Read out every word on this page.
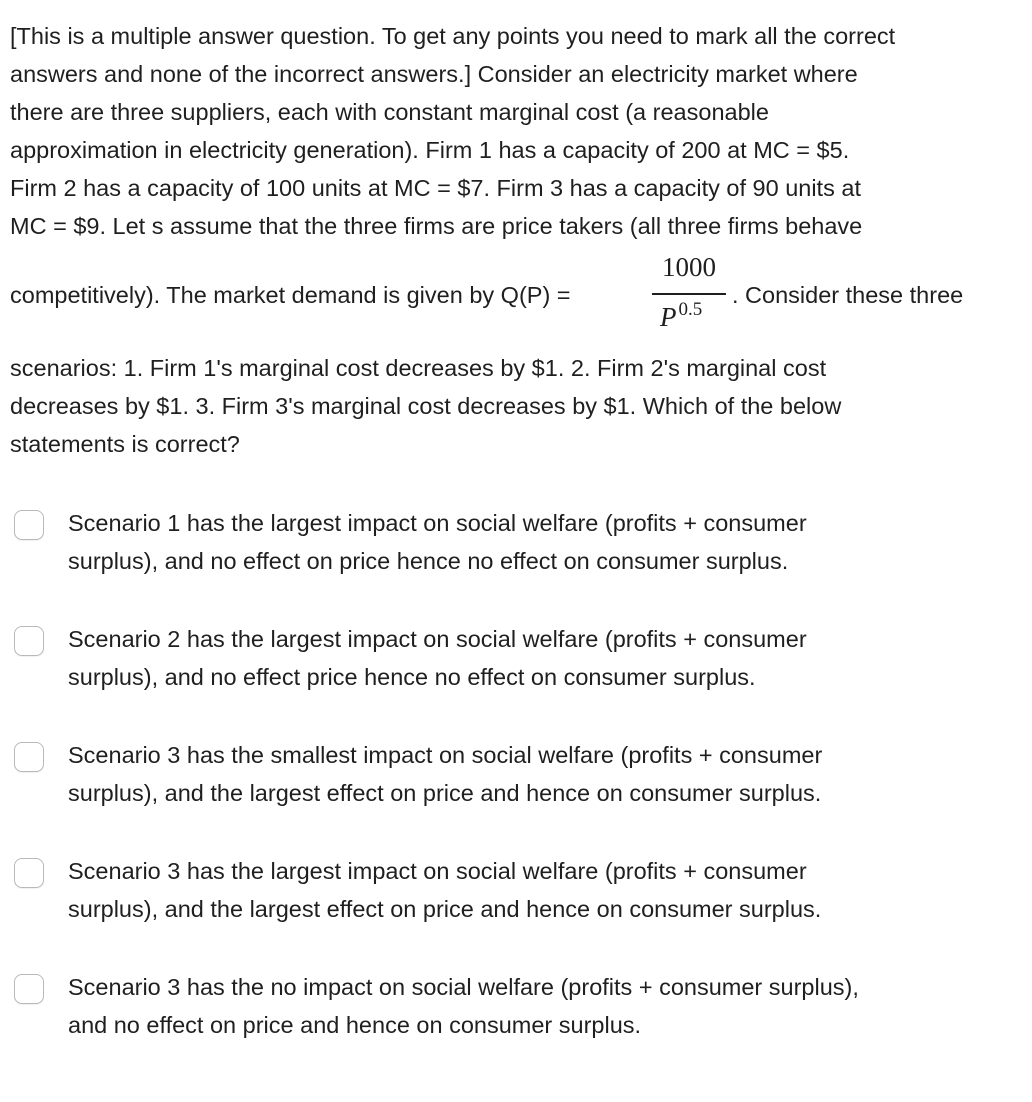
[This is a multiple answer question. To get any points you need to mark all the correct
answers and none of the incorrect answers.] Consider an electricity market where
there are three suppliers, each with constant marginal cost (a reasonable
approximation in electricity generation). Firm 1 has a capacity of 200 at MC = $5.
Firm 2 has a capacity of 100 units at MC = $7. Firm 3 has a capacity of 90 units at
MC = $9. Let s assume that the three firms are price takers (all three firms behave
competitively). The market demand is given by Q(P) =
1000
P $^{0.5}$
. Consider these three
scenarios: 1. Firm 1's marginal cost decreases by $1. 2. Firm 2's marginal cost
decreases by $1. 3. Firm 3's marginal cost decreases by $1. Which of the below
statements is correct?
Scenario 1 has the largest impact on social welfare (profits + consumer
surplus), and no effect on price hence no effect on consumer surplus.
Scenario 2 has the largest impact on social welfare (profits + consumer
surplus), and no effect price hence no effect on consumer surplus.
Scenario 3 has the smallest impact on social welfare (profits + consumer
surplus), and the largest effect on price and hence on consumer surplus.
Scenario 3 has the largest impact on social welfare (profits + consumer
surplus), and the largest effect on price and hence on consumer surplus.
Scenario 3 has the no impact on social welfare (profits + consumer surplus),
and no effect on price and hence on consumer surplus.
